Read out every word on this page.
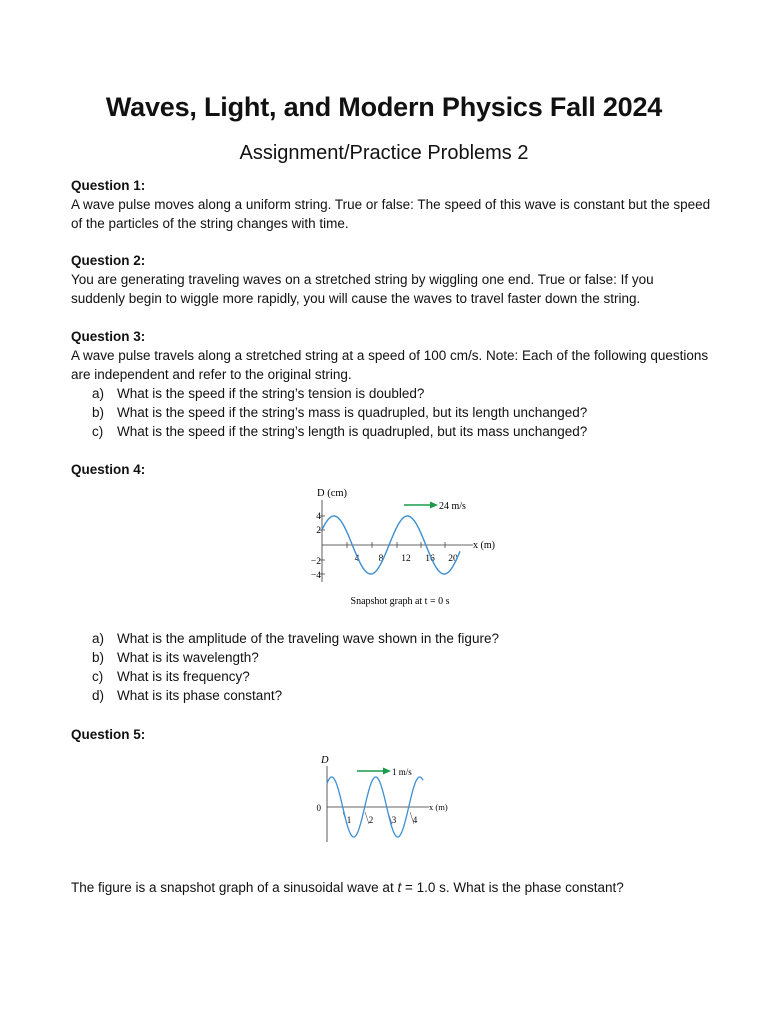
Waves, Light, and Modern Physics Fall 2024
Assignment/Practice Problems 2
Question 1:

A wave pulse moves along a uniform string. True or false: The speed of this wave is constant but the speed of the particles of the string changes with time.

Question 2:

You are generating traveling waves on a stretched string by wiggling one end. True or false: If you suddenly begin to wiggle more rapidly, you will cause the waves to travel faster down the string.

Question 3:

A wave pulse travels along a stretched string at a speed of 100 cm/s. Note: Each of the following questions are independent and refer to the original string.

a) What is the speed if the string’s tension is doubled?
b) What is the speed if the string’s mass is quadrupled, but its length unchanged?
c) What is the speed if the string’s length is quadrupled, but its mass unchanged?
Question 4:
D (cm)
24 m/s
x (m)
4
2
−2
−4
4 8 12 16 20
Snapshot graph at t = 0 s
a) What is the amplitude of the traveling wave shown in the figure?
b) What is its wavelength?
c) What is its frequency?
d) What is its phase constant?
Question 5:
D
0
1 m/s
x (m)
1 2 3 4
The figure is a snapshot graph of a sinusoidal wave at t = 1.0 s. What is the phase constant?
